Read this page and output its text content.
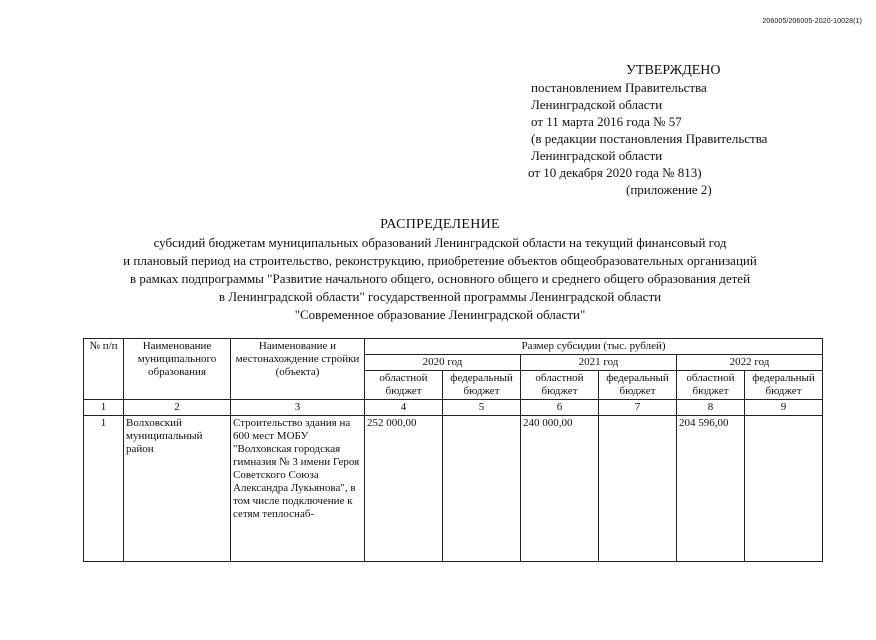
206005/206005-2020-10028(1)
УТВЕРЖДЕНО
постановлением Правительства
Ленинградской области
от 11 марта 2016 года № 57
(в редакции постановления Правительства
Ленинградской области
от 10 декабря 2020 года № 813)
(приложение 2)
РАСПРЕДЕЛЕНИЕ
субсидий бюджетам муниципальных образований Ленинградской области на текущий финансовый год
и плановый период на строительство, реконструкцию, приобретение объектов общеобразовательных организаций
в рамках подпрограммы "Развитие начального общего, основного общего и среднего общего образования детей
в Ленинградской области" государственной программы Ленинградской области
"Современное образование Ленинградской области"
№ п/п	Наименование муниципального образования	Наименование и местонахождение стройки (объекта)	Размер субсидии (тыс. рублей)					
			2020 год		2021 год		2022 год	
			областной бюджет	федеральный бюджет	областной бюджет	федеральный бюджет	областной бюджет	федеральный бюджет
1	2	3	4	5	6	7	8	9
1	Волховский муниципальный район	Строительство здания на 600 мест МОБУ "Волховская городская гимназия № 3 имени Героя Советского Союза Александра Лукьянова", в том числе подключение к сетям теплоснаб-	252 000,00		240 000,00		204 596,00	
